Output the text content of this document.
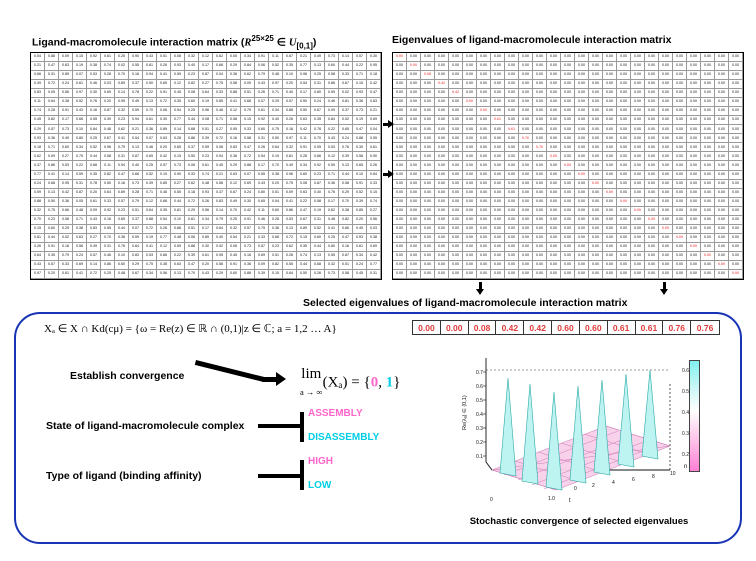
Ligand-macromolecule interaction matrix ($R^{25\times 25}$ ∈ $U_{[0,1]}$)	Eigenvalues of ligand-macromolecule interaction matrix
0.54	0.88	0.09	0.15	0.92	0.61	0.25	0.90	0.43	0.51	0.08	0.32	0.12	0.62	0.05	0.34	0.91	0.11	0.67	0.21	0.49	0.73	0.14	0.57	0.30
0.21	0.47	0.63	0.19	0.38	0.74	0.02	0.55	0.81	0.26	0.93	0.40	0.17	0.68	0.29	0.84	0.06	0.52	0.35	0.77	0.13	0.60	0.44	0.22	0.95
0.66	0.31	0.85	0.07	0.53	0.28	0.70	0.16	0.94	0.41	0.59	0.23	0.87	0.04	0.36	0.62	0.79	0.48	0.10	0.96	0.25	0.58	0.33	0.71	0.18
0.39	0.72	0.24	0.61	0.46	0.03	0.89	0.37	0.50	0.65	0.12	0.82	0.27	0.75	0.58	0.09	0.43	0.97	0.20	0.54	0.31	0.86	0.67	0.15	0.42
0.83	0.05	0.56	0.97	0.30	0.69	0.14	0.78	0.22	0.91	0.45	0.08	0.64	0.33	0.88	0.51	0.26	0.71	0.40	0.17	0.80	0.59	0.02	0.93	0.47
0.11	0.64	0.38	0.52	0.76	0.20	0.95	0.49	0.13	0.72	0.35	0.60	0.19	0.85	0.41	0.68	0.07	0.29	0.57	0.90	0.24	0.46	0.81	0.36	0.63
0.74	0.28	0.91	0.43	0.16	0.87	0.32	0.59	0.70	0.06	0.54	0.25	0.96	0.48	0.12	0.79	0.61	0.34	0.88	0.50	0.67	0.09	0.37	0.73	0.21
0.45	0.82	0.17	0.66	0.55	0.39	0.23	0.94	0.61	0.30	0.77	0.44	0.08	0.71	0.58	0.15	0.92	0.40	0.26	0.63	0.35	0.84	0.52	0.19	0.69
0.29	0.57	0.73	0.10	0.84	0.48	0.62	0.21	0.36	0.89	0.14	0.68	0.51	0.27	0.95	0.33	0.60	0.75	0.18	0.42	0.78	0.22	0.65	0.47	0.04
0.93	0.36	0.49	0.80	0.25	0.67	0.41	0.54	0.07	0.63	0.28	0.86	0.39	0.72	0.16	0.58	0.31	0.50	0.97	0.11	0.70	0.43	0.24	0.88	0.55
0.18	0.71	0.60	0.34	0.52	0.96	0.79	0.13	0.46	0.20	0.65	0.37	0.59	0.08	0.83	0.47	0.26	0.64	0.32	0.91	0.05	0.53	0.76	0.30	0.61
0.62	0.09	0.27	0.75	0.44	0.58	0.31	0.87	0.69	0.42	0.15	0.50	0.23	0.94	0.36	0.72	0.54	0.19	0.81	0.28	0.66	0.12	0.39	0.58	0.90
0.37	0.86	0.53	0.22	0.68	0.11	0.94	0.40	0.25	0.57	0.73	0.06	0.61	0.45	0.29	0.88	0.17	0.70	0.49	0.34	0.92	0.59	0.13	0.65	0.26
0.77	0.41	0.14	0.59	0.35	0.82	0.47	0.66	0.52	0.19	0.90	0.33	0.74	0.21	0.63	0.07	0.55	0.38	0.96	0.60	0.23	0.71	0.44	0.10	0.84
0.24	0.68	0.95	0.31	0.78	0.50	0.16	0.73	0.39	0.85	0.27	0.62	0.48	0.56	0.12	0.69	0.43	0.20	0.75	0.08	0.87	0.36	0.58	0.91	0.33
0.59	0.13	0.42	0.87	0.20	0.64	0.89	0.28	0.71	0.46	0.55	0.18	0.93	0.37	0.67	0.24	0.80	0.51	0.09	0.63	0.40	0.76	0.29	0.52	0.15
0.88	0.50	0.36	0.05	0.61	0.33	0.57	0.79	0.12	0.68	0.44	0.72	0.26	0.83	0.49	0.30	0.65	0.94	0.41	0.22	0.58	0.17	0.70	0.39	0.74
0.32	0.75	0.66	0.48	0.09	0.92	0.23	0.51	0.64	0.35	0.81	0.29	0.56	0.14	0.70	0.42	0.11	0.60	0.86	0.47	0.19	0.62	0.38	0.85	0.27
0.70	0.23	0.58	0.71	0.43	0.16	0.65	0.37	0.88	0.54	0.10	0.61	0.34	0.79	0.25	0.91	0.46	0.28	0.53	0.67	0.31	0.48	0.82	0.20	0.56
0.15	0.60	0.29	0.38	0.83	0.55	0.44	0.07	0.72	0.26	0.68	0.51	0.17	0.64	0.32	0.57	0.75	0.36	0.13	0.89	0.52	0.41	0.66	0.49	0.03
0.81	0.44	0.52	0.63	0.27	0.70	0.36	0.59	0.19	0.77	0.48	0.06	0.85	0.40	0.54	0.21	0.33	0.68	0.72	0.15	0.60	0.25	0.47	0.93	0.38
0.26	0.91	0.18	0.56	0.49	0.31	0.76	0.64	0.41	0.12	0.59	0.88	0.30	0.52	0.08	0.73	0.57	0.23	0.62	0.35	0.44	0.80	0.16	0.61	0.69
0.64	0.35	0.79	0.24	0.57	0.46	0.10	0.83	0.53	0.66	0.22	0.39	0.61	0.95	0.45	0.16	0.69	0.51	0.28	0.74	0.13	0.55	0.87	0.34	0.42
0.43	0.57	0.33	0.69	0.14	0.86	0.60	0.29	0.75	0.38	0.63	0.47	0.20	0.58	0.91	0.36	0.09	0.82	0.55	0.44	0.68	0.32	0.51	0.24	0.77
0.97	0.20	0.61	0.41	0.72	0.25	0.48	0.67	0.34	0.56	0.13	0.70	0.43	0.29	0.60	0.88	0.39	0.15	0.64	0.50	0.26	0.73	0.58	0.45	0.31
0.00	0.00	0.00	0.00	0.00	0.00	0.00	0.00	0.00	0.00	0.00	0.00	0.00	0.00	0.00	0.00	0.00	0.00	0.00	0.00	0.00	0.00	0.00	0.00	0.00
0.00	0.00	0.00	0.00	0.00	0.00	0.00	0.00	0.00	0.00	0.00	0.00	0.00	0.00	0.00	0.00	0.00	0.00	0.00	0.00	0.00	0.00	0.00	0.00	0.00
0.00	0.00	0.08	0.00	0.00	0.00	0.00	0.00	0.00	0.00	0.00	0.00	0.00	0.00	0.00	0.00	0.00	0.00	0.00	0.00	0.00	0.00	0.00	0.00	0.00
0.00	0.00	0.00	0.42	0.00	0.00	0.00	0.00	0.00	0.00	0.00	0.00	0.00	0.00	0.00	0.00	0.00	0.00	0.00	0.00	0.00	0.00	0.00	0.00	0.00
0.00	0.00	0.00	0.00	0.42	0.00	0.00	0.00	0.00	0.00	0.00	0.00	0.00	0.00	0.00	0.00	0.00	0.00	0.00	0.00	0.00	0.00	0.00	0.00	0.00
0.00	0.00	0.00	0.00	0.00	0.60	0.00	0.00	0.00	0.00	0.00	0.00	0.00	0.00	0.00	0.00	0.00	0.00	0.00	0.00	0.00	0.00	0.00	0.00	0.00
0.00	0.00	0.00	0.00	0.00	0.00	0.60	0.00	0.00	0.00	0.00	0.00	0.00	0.00	0.00	0.00	0.00	0.00	0.00	0.00	0.00	0.00	0.00	0.00	0.00
0.00	0.00	0.00	0.00	0.00	0.00	0.00	0.61	0.00	0.00	0.00	0.00	0.00	0.00	0.00	0.00	0.00	0.00	0.00	0.00	0.00	0.00	0.00	0.00	0.00
0.00	0.00	0.00	0.00	0.00	0.00	0.00	0.00	0.61	0.00	0.00	0.00	0.00	0.00	0.00	0.00	0.00	0.00	0.00	0.00	0.00	0.00	0.00	0.00	0.00
0.00	0.00	0.00	0.00	0.00	0.00	0.00	0.00	0.00	0.76	0.00	0.00	0.00	0.00	0.00	0.00	0.00	0.00	0.00	0.00	0.00	0.00	0.00	0.00	0.00
0.00	0.00	0.00	0.00	0.00	0.00	0.00	0.00	0.00	0.00	0.76	0.00	0.00	0.00	0.00	0.00	0.00	0.00	0.00	0.00	0.00	0.00	0.00	0.00	0.00
0.00	0.00	0.00	0.00	0.00	0.00	0.00	0.00	0.00	0.00	0.00	0.00	0.00	0.00	0.00	0.00	0.00	0.00	0.00	0.00	0.00	0.00	0.00	0.00	0.00
0.00	0.00	0.00	0.00	0.00	0.00	0.00	0.00	0.00	0.00	0.00	0.00	0.00	0.00	0.00	0.00	0.00	0.00	0.00	0.00	0.00	0.00	0.00	0.00	0.00
0.00	0.00	0.00	0.00	0.00	0.00	0.00	0.00	0.00	0.00	0.00	0.00	0.00	0.00	0.00	0.00	0.00	0.00	0.00	0.00	0.00	0.00	0.00	0.00	0.00
0.00	0.00	0.00	0.00	0.00	0.00	0.00	0.00	0.00	0.00	0.00	0.00	0.00	0.00	0.00	0.00	0.00	0.00	0.00	0.00	0.00	0.00	0.00	0.00	0.00
0.00	0.00	0.00	0.00	0.00	0.00	0.00	0.00	0.00	0.00	0.00	0.00	0.00	0.00	0.00	0.00	0.00	0.00	0.00	0.00	0.00	0.00	0.00	0.00	0.00
0.00	0.00	0.00	0.00	0.00	0.00	0.00	0.00	0.00	0.00	0.00	0.00	0.00	0.00	0.00	0.00	0.00	0.00	0.00	0.00	0.00	0.00	0.00	0.00	0.00
0.00	0.00	0.00	0.00	0.00	0.00	0.00	0.00	0.00	0.00	0.00	0.00	0.00	0.00	0.00	0.00	0.00	0.00	0.00	0.00	0.00	0.00	0.00	0.00	0.00
0.00	0.00	0.00	0.00	0.00	0.00	0.00	0.00	0.00	0.00	0.00	0.00	0.00	0.00	0.00	0.00	0.00	0.00	0.00	0.00	0.00	0.00	0.00	0.00	0.00
0.00	0.00	0.00	0.00	0.00	0.00	0.00	0.00	0.00	0.00	0.00	0.00	0.00	0.00	0.00	0.00	0.00	0.00	0.00	0.00	0.00	0.00	0.00	0.00	0.00
0.00	0.00	0.00	0.00	0.00	0.00	0.00	0.00	0.00	0.00	0.00	0.00	0.00	0.00	0.00	0.00	0.00	0.00	0.00	0.00	0.00	0.00	0.00	0.00	0.00
0.00	0.00	0.00	0.00	0.00	0.00	0.00	0.00	0.00	0.00	0.00	0.00	0.00	0.00	0.00	0.00	0.00	0.00	0.00	0.00	0.00	0.00	0.00	0.00	0.00
0.00	0.00	0.00	0.00	0.00	0.00	0.00	0.00	0.00	0.00	0.00	0.00	0.00	0.00	0.00	0.00	0.00	0.00	0.00	0.00	0.00	0.00	0.00	0.00	0.00
0.00	0.00	0.00	0.00	0.00	0.00	0.00	0.00	0.00	0.00	0.00	0.00	0.00	0.00	0.00	0.00	0.00	0.00	0.00	0.00	0.00	0.00	0.00	0.00	0.00
0.00	0.00	0.00	0.00	0.00	0.00	0.00	0.00	0.00	0.00	0.00	0.00	0.00	0.00	0.00	0.00	0.00	0.00	0.00	0.00	0.00	0.00	0.00	0.00	0.00
Selected eigenvalues of ligand-macromolecule interaction matrix
Xₐ ∈ X ∩ Kd(cμ) = {ω = Re(z) ∈ ℝ ∩ (0,1)|z ∈ ℂ; a = 1,2 … A}	0.00	0.00	0.08	0.42	0.42	0.60	0.60	0.61	0.61	0.76	0.76
Establish convergence	lim
a → ∞(Xₐ) = {0, 1}
State of ligand-macromolecule complex
ASSEMBLY
DISASSEMBLY
Type of ligand (binding affinity)
HIGH
LOW
0.7
0.6
0.5
0.4
0.3
0.2
0.1
0	1.0
0	2	4	6	8	10
t
n
Re(λₐ) ∈ (0,1)
0.6
0.5
0.4
0.3
0.2
Stochastic convergence of selected eigenvalues
